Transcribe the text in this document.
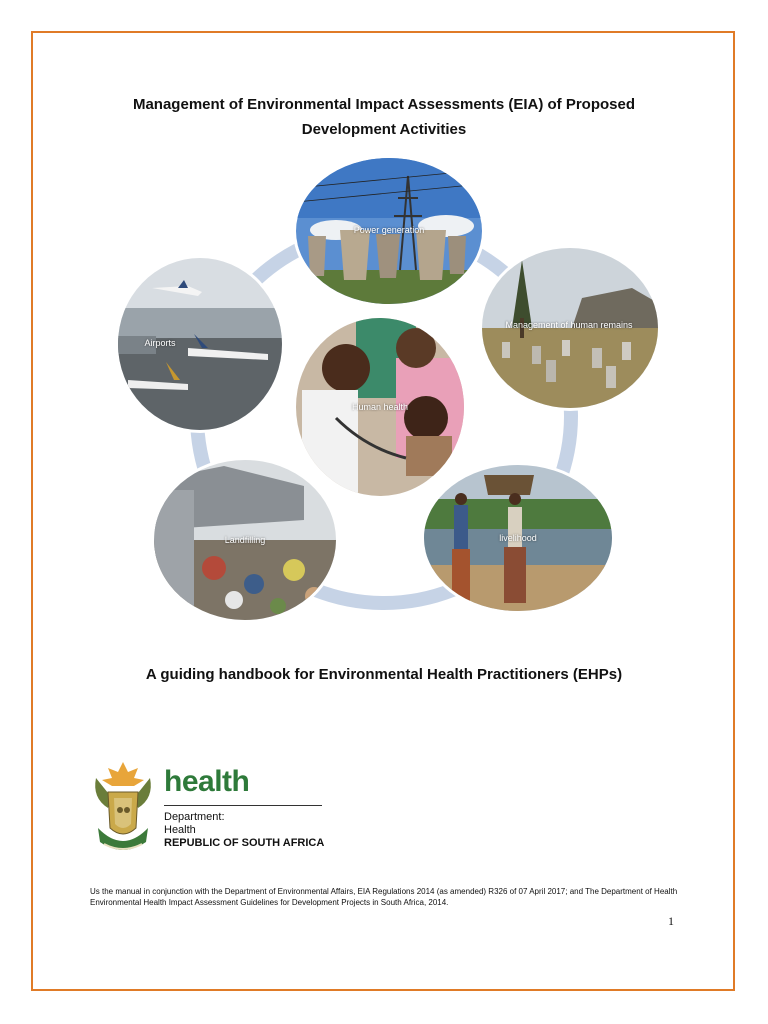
Management of Environmental Impact Assessments (EIA) of Proposed Development Activities
Power generation
Management of human remains
livelihood
Landfilling
Airports
Human health
A guiding handbook for Environmental Health Practitioners (EHPs)
health
Department:
Health
REPUBLIC OF SOUTH AFRICA
Us the manual in conjunction with the Department of Environmental Affairs, EIA Regulations 2014 (as amended) R326 of 07 April 2017; and The Department of Health Environmental Health Impact Assessment Guidelines for Development Projects in South Africa, 2014.
1
